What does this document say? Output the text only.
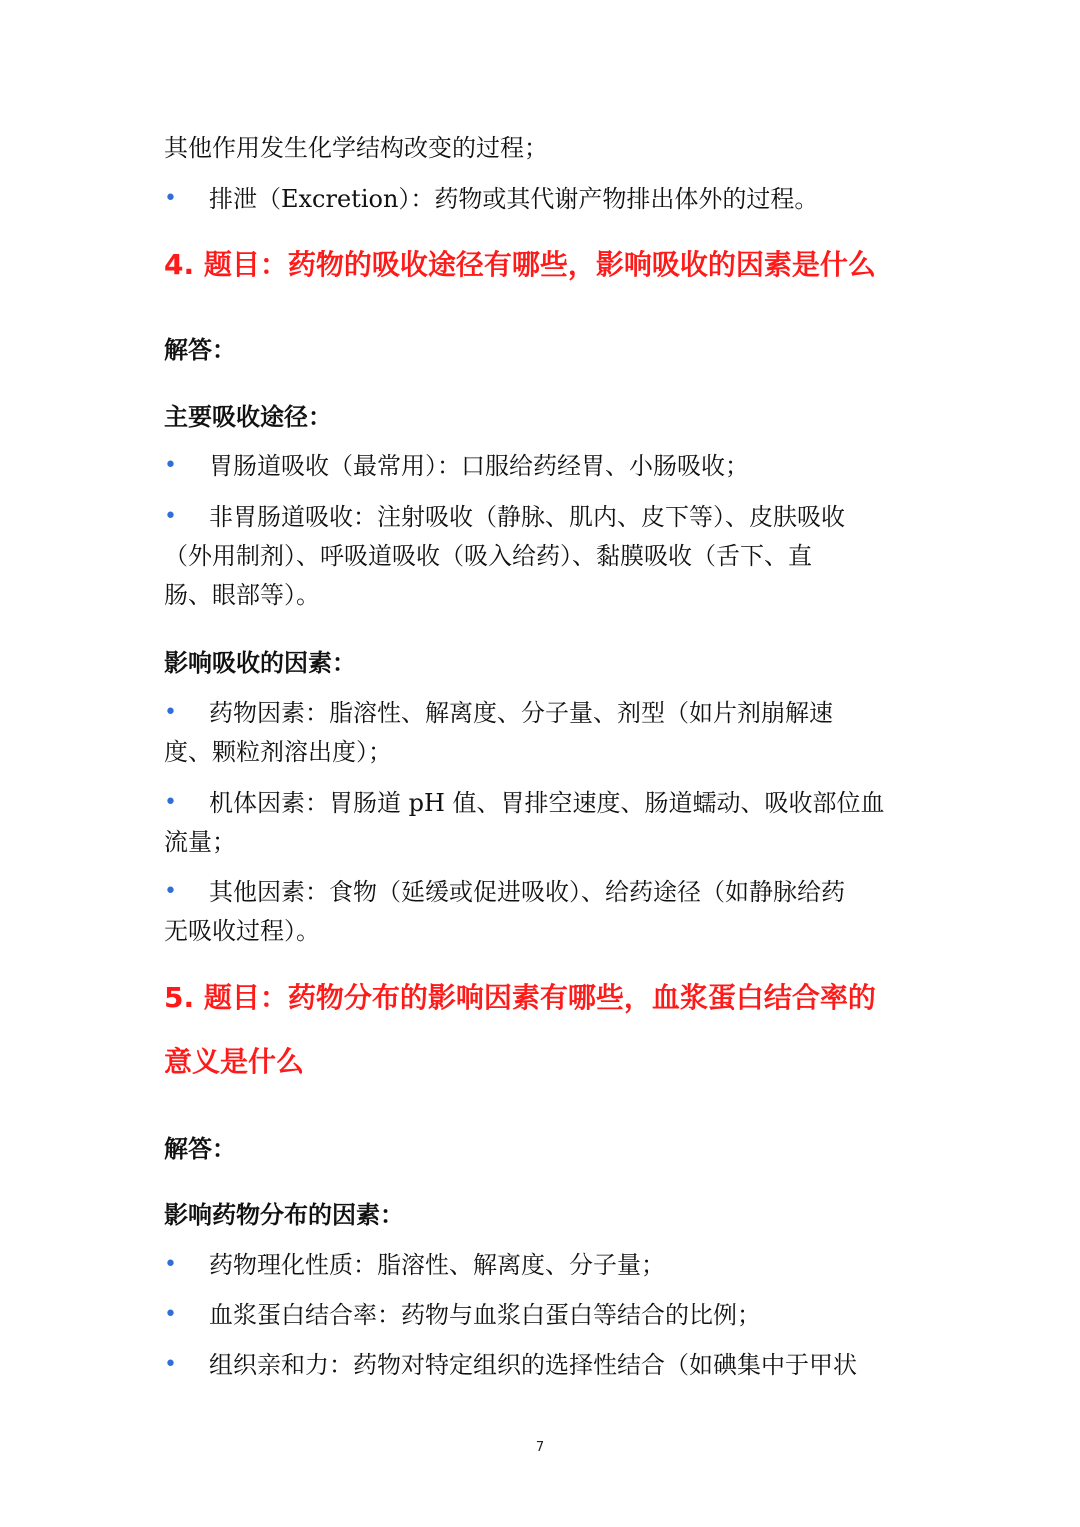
其他作用发生化学结构改变的过程；
• 排泄（Excretion）：药物或其代谢产物排出体外的过程。
4. 题目：药物的吸收途径有哪些，影响吸收的因素是什么
解答：
主要吸收途径：
• 胃肠道吸收（最常用）：口服给药经胃、小肠吸收；
• 非胃肠道吸收：注射吸收（静脉、肌内、皮下等）、皮肤吸收
（外用制剂）、呼吸道吸收（吸入给药）、黏膜吸收（舌下、直
肠、眼部等）。
影响吸收的因素：
• 药物因素：脂溶性、解离度、分子量、剂型（如片剂崩解速
度、颗粒剂溶出度）；
• 机体因素：胃肠道 pH 值、胃排空速度、肠道蠕动、吸收部位血
流量；
• 其他因素：食物（延缓或促进吸收）、给药途径（如静脉给药
无吸收过程）。
5. 题目：药物分布的影响因素有哪些，血浆蛋白结合率的
意义是什么
解答：
影响药物分布的因素：
• 药物理化性质：脂溶性、解离度、分子量；
• 血浆蛋白结合率：药物与血浆白蛋白等结合的比例；
• 组织亲和力：药物对特定组织的选择性结合（如碘集中于甲状
7
